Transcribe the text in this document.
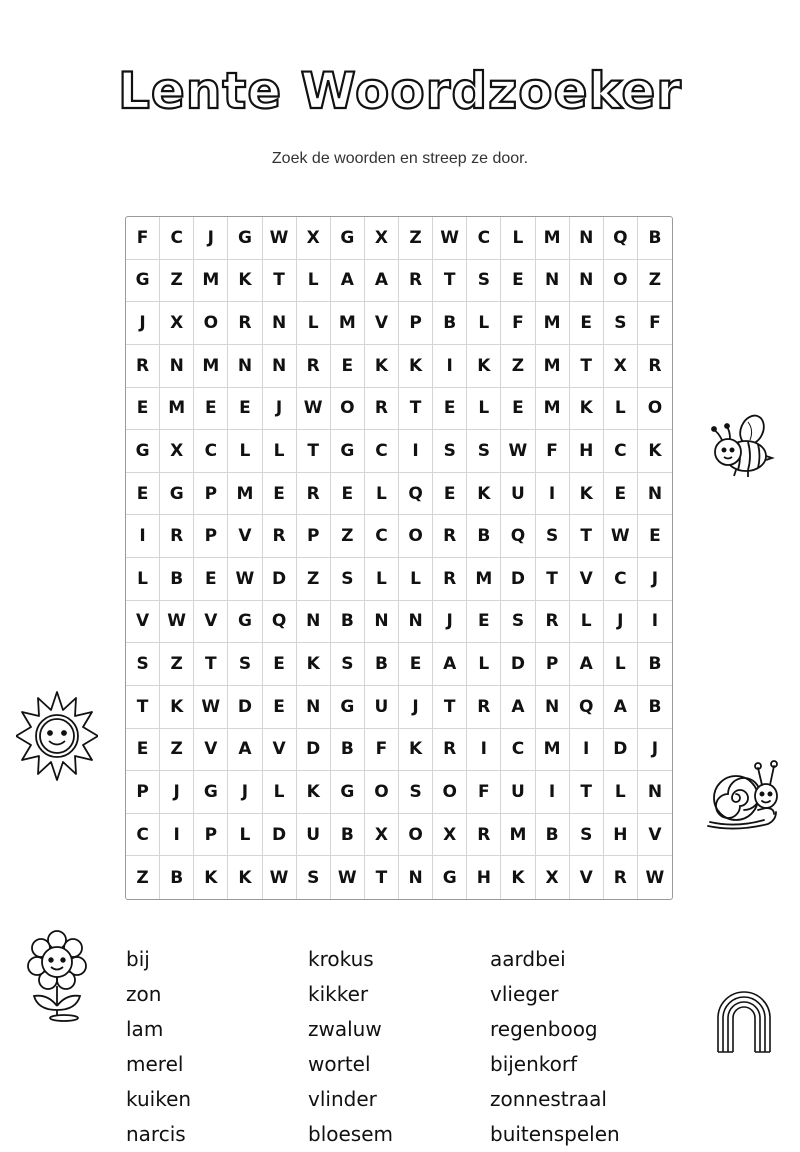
Lente Woordzoeker
Zoek de woorden en streep ze door.
F	C	J	G	W	X	G	X	Z	W	C	L	M	N	Q	B
G	Z	M	K	T	L	A	A	R	T	S	E	N	N	O	Z
J	X	O	R	N	L	M	V	P	B	L	F	M	E	S	F
R	N	M	N	N	R	E	K	K	I	K	Z	M	T	X	R
E	M	E	E	J	W	O	R	T	E	L	E	M	K	L	O
G	X	C	L	L	T	G	C	I	S	S	W	F	H	C	K
E	G	P	M	E	R	E	L	Q	E	K	U	I	K	E	N
I	R	P	V	R	P	Z	C	O	R	B	Q	S	T	W	E
L	B	E	W	D	Z	S	L	L	R	M	D	T	V	C	J
V	W	V	G	Q	N	B	N	N	J	E	S	R	L	J	I
S	Z	T	S	E	K	S	B	E	A	L	D	P	A	L	B
T	K	W	D	E	N	G	U	J	T	R	A	N	Q	A	B
E	Z	V	A	V	D	B	F	K	R	I	C	M	I	D	J
P	J	G	J	L	K	G	O	S	O	F	U	I	T	L	N
C	I	P	L	D	U	B	X	O	X	R	M	B	S	H	V
Z	B	K	K	W	S	W	T	N	G	H	K	X	V	R	W
bij
zon
lam
merel
kuiken
narcis
krokus
kikker
zwaluw
wortel
vlinder
bloesem
aardbei
vlieger
regenboog
bijenkorf
zonnestraal
buitenspelen
